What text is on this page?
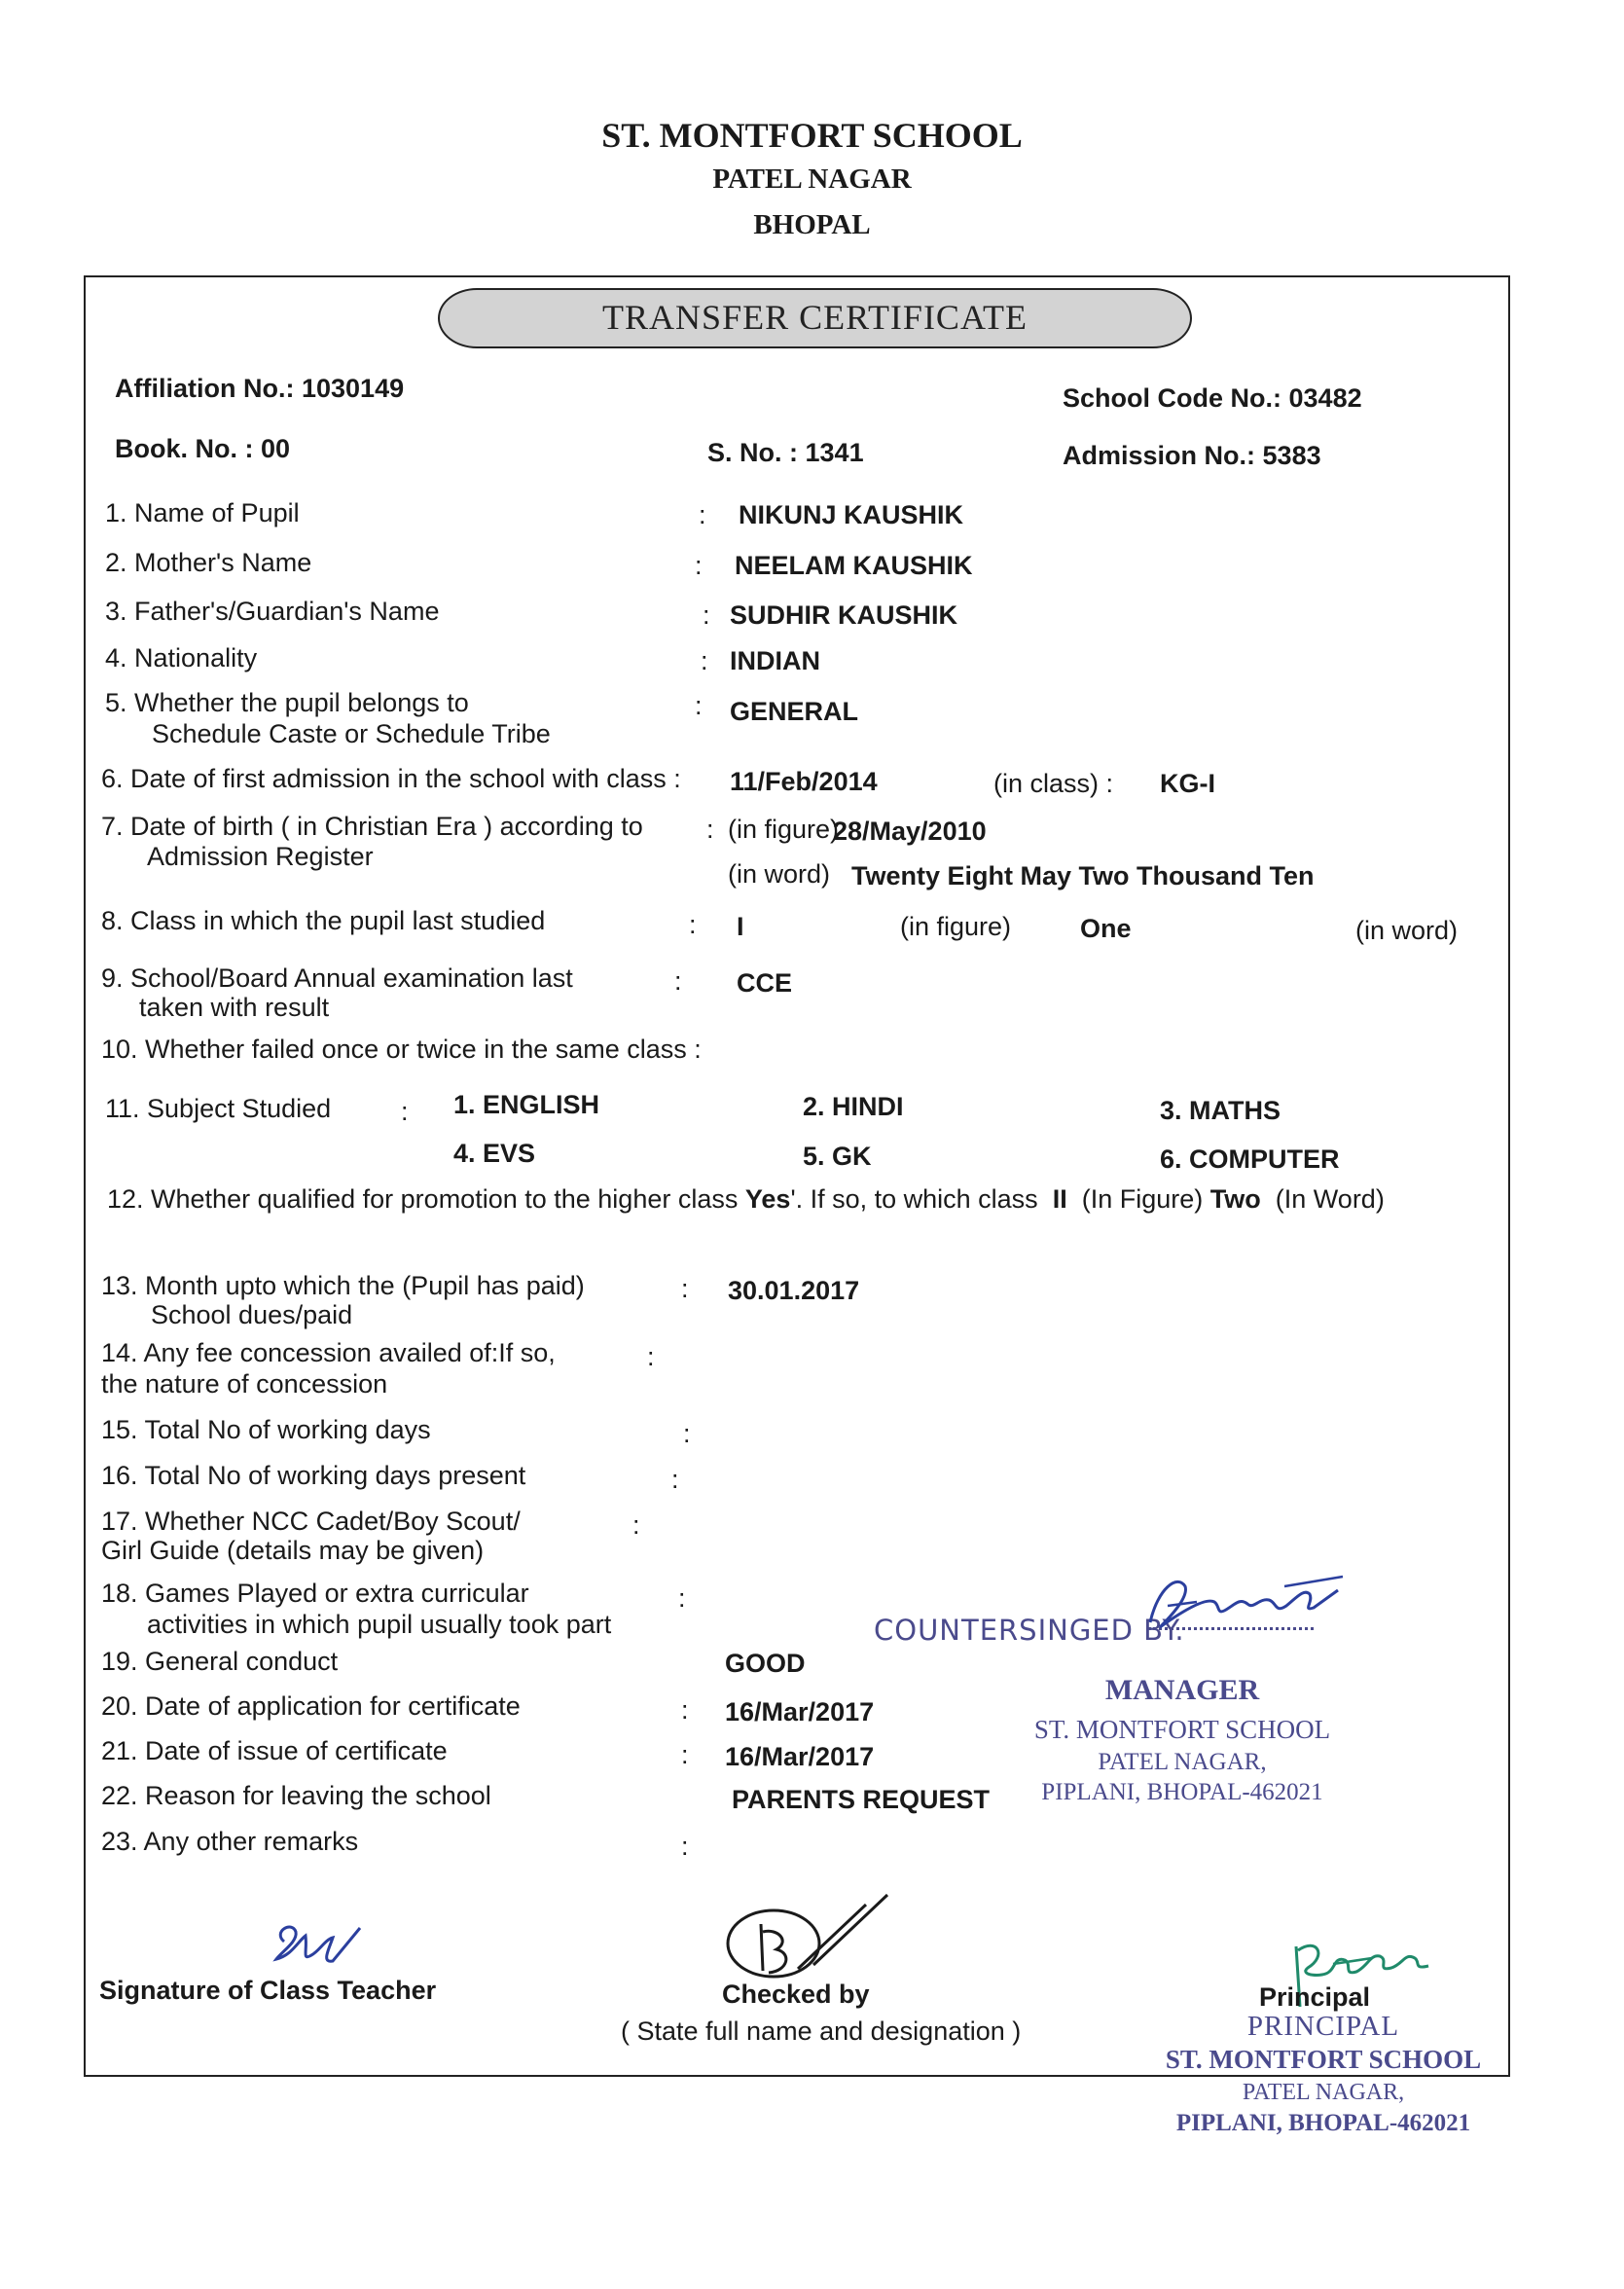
ST. MONTFORT SCHOOL
PATEL NAGAR
BHOPAL
TRANSFER CERTIFICATE
Affiliation No.: 1030149	School Code No.: 03482
Book. No. : 00	S. No. : 1341	Admission No.: 5383
1. Name of Pupil	: NIKUNJ KAUSHIK
2. Mother's Name	: NEELAM KAUSHIK
3. Father's/Guardian's Name	: SUDHIR KAUSHIK
4. Nationality	: INDIAN
5. Whether the pupil belongs to
Schedule Caste or Schedule Tribe
: GENERAL
6. Date of first admission in the school with class : 11/Feb/2014	(in class) : KG-I
7. Date of birth ( in Christian Era ) according to
Admission Register
: (in figure)
28/May/2010
(in word) Twenty Eight May Two Thousand Ten
8. Class in which the pupil last studied	: I	(in figure)	One	(in word)
9. School/Board Annual examination last
taken with result
: CCE
10. Whether failed once or twice in the same class :
11. Subject Studied	: 1. ENGLISH	2. HINDI	3. MATHS
4. EVS	5. GK	6. COMPUTER
12. Whether qualified for promotion to the higher class Yes'. If so, to which class II (In Figure) Two (In Word)
13. Month upto which the (Pupil has paid)
School dues/paid
: 30.01.2017
14. Any fee concession availed of:If so,
the nature of concession
:
15. Total No of working days	:
16. Total No of working days present	:
17. Whether NCC Cadet/Boy Scout/
Girl Guide (details may be given)
:
18. Games Played or extra curricular
activities in which pupil usually took part
:
19. General conduct	GOOD
20. Date of application for certificate	: 16/Mar/2017
21. Date of issue of certificate	: 16/Mar/2017
22. Reason for leaving the school	PARENTS REQUEST
23. Any other remarks	:
COUNTERSINGED BY.
MANAGER
ST. MONTFORT SCHOOL
PATEL NAGAR,
PIPLANI, BHOPAL-462021
Signature of Class Teacher	Checked by
( State full name and designation )
Principal
PRINCIPAL
ST. MONTFORT SCHOOL
PATEL NAGAR,
PIPLANI, BHOPAL-462021
